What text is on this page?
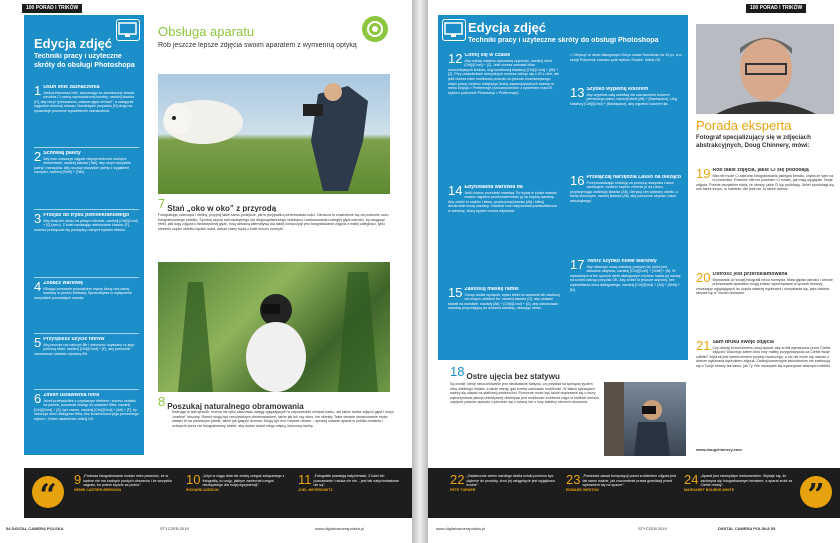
100 PORAD I TRIKÓW
Edycja zdjęć
Techniki pracy i użyteczne skróty do obsługi Photoshopa
1 Usuń linie zaznaczenia
Jeśli przesuwasz linie, wymazując za zaznaczony obszar, utrudnia Ci ocenę wprowadzonej korekty, naciśnij klawisz [H], aby ukryć tymczasowo „maszerujące mrówki”, a następnie wygodnie dokonaj retuszu. Naciśnięcie przycisku [H] drugi raz spowoduje ponowne wyświetlenie zaznaczenia.
2 Schowaj palety
Aby móc zobaczyć zdjęcie niepoprzedzone żadnymi elementami, naciśnij klawisz [Tab], aby ukryć wszystkie palety i narzędzia. Aby usunąć wszystkie palety z wyjątkiem narzędzi, naciśnij [Shift] + [Tab].
3 Przejdź do trybu pełnoekranowego
Aby obejrzeć obraz na pełnym ekranie, naciśnij [Ctrl]/[Cmd] + [0] (zero). Z kolei naciskając wielokrotnie klawisz [F], możesz przełączać się pomiędzy różnymi trybami widoku.
4 Zobacz warstwę
Klikając ponownie przyciskiem myszy ikonę oka danej warstwy w panelu Warstwy, Spowodujesz to wyłączenie wszystkich pozostałych warstw.
5 Przyspiesz użycie filtrów
Aby jeszcze raz nałożyć filtr i wzmocnić uzyskany za jego pomocą efekt, naciśnij [Ctrl]/[Cmd] + [F], aby ponownie zastosować ostatnio używany filtr.
6 Zmień ustawienia filtra
Jeżeli przesadziłeś z uzyskanym efektem i chcesz ustawić na panelu, ponownie dostęp do ustawień filtra, naciśnij [Ctrl]/[Cmd] + [Z], tym razem, naciśnij [Ctrl]/[Cmd] + [Alt] + [F], by otworzyć okno dialogowe filtra, bez konieczności jego ponownego wyboru. Zmień ustawienia i kliknij OK.
Obsługa aparatu
Rób jeszcze lepsze zdjęcia swoim aparatem z wymienną optyką
7 Stań „oko w oko” z przyrodą
Fotografując zwierzęta i rośliny, przyjmij takie samo podejście, jak w przypadku portretowania ludzi. Oznacza to znalezienie się na poziomie oczu fotografowanego obiektu. Spróbuj użycia szerokokątnego lub długoogniskowego obiektywu i zastosowania rozległej głębi ostrości, by osiągnąć efekt, jaki dają zdjęcia o fantastycznej głębi. Inną ciekawą alternatywą dla takiej kompozycji jest fotografowanie zdjęcia z małej odległości, tylko niewiele części obiektu będzie ostra, dalsze plany będą z kolei mocno rozmyte.
8 Poszukaj naturalnego obramowania
Kadrując w taki sposób, można nie tylko skierować uwagę oglądających w odpowiednie miejsce kadru, ale także dodać zdjęciu głębi i ukryć „martwe” obszary. Ramki mogą być rzeczywistym obramowaniem, takim jak łuk czy okno, lub obiekty. Takie otwarte obramowanie może ułatwić te na pierwszym planie, takim jak gałęzie drzewa. Mogą być one również niostre – sprobuj ustawić aparat w pobliżu kwiatów i uchwycić przez nie fotografowany obiekt, aby dodać wokół niego mięką, kolorową ramkę.
“	9 „Podczas fotografowania musisz mieć pewność, że w kadrze nie ma żadnych pustych obszarów i że wszystko zagrało, bo potem będzie za późno”.
HENRI CARTIER-BRESSON
10 „Użyć w ciągu dnia nie zrobię czegoś związanego z fotografią, to czuję, jakbym zaniechał czegoś niezbędnego dla mojej egzystencji”.
RICHARD AVEDON
11 „Fotografie powstają natychmiast. Z kolei ich poznawanie i nauka nie nie... jest tak natychmiastowe nie są”.
JOEL MEYEROWITZ
54 DIGITAL CAMERA POLSKA	STYCZEŃ 2019	www.digitalcamerapolska.pl
100 PORAD I TRIKÓW
Edycja zdjęć
Techniki pracy i użyteczne skróty do obsługi Photoshopa
12 Cofnij się w czasie
Aby cofnąć ostatnio wykonaną czynność, naciśnij skrót [Ctrl]/[Cmd] + [Z]. Jeśli chcesz odwołać kilka wcześniejszych kroków, użyj kombinacji klawiszy [Ctrl]/[Cmd] + [Alt] + [Z]. Przy ustawieniach domyślnych możesz cofnąć się o 20 z nich, ale jeśli chcesz mieć możliwość powrotu do jeszcze wcześniejszego etapu pracy, możesz zwiększyć liczbę zapamiętywanych stanów w menu Edycja > Preferencje (na komputerach z systemem macOS wybierz polecenie Photoshop > Preferencje).
14 Edytowalna warstwa tła
Jeśli chcesz przenieść warstwę Tło wyżej w stosie warstw, musisz najpierw przekonwertować ją na zwykłą warstwę. Aby zrobić to szybko i łatwo, przytrzymaj klawisz [Alt] i kliknij dwukrotnie ikonę warstwy. Zostanie ona natychmiast przekształcona w warstwę, którą będzie można edytować.
15 Zastosuj maskę ramki
Chcąc dodać wycięcie, wpisz tekst na warstwie lub zastosuj na nowym obiekcie tło, naciśnij klawisz [G], aby ustawić kształt na warstwie, naciśnij [Alt] + [Ctrl]/[Cmd] + [G], aby zastosować warstwę przycinającą do dodania warstwy, ukazując obraz.
> Obrysuj i w oknie dialogowym Obrys ustaw Szerokość na 10 px, a w sekcji Położenie zaznacz pole wyboru Środek. Kliknij OK.
13 Szybko wypełnij kolorem
Aby wypełnić całą warstwę lub zaznaczenie kolorem pierwszego planu, naciśnij skrót [Alt] + [Backspace]. Użyj klawiszy [Ctrl]/[Cmd] + [Backspace], aby wypełnić kolorem tła.
16 Przełączaj narzędzia Lasso na bieżąco
Przeprowadzając selekcję za pomocą narzędzia Lasso wielokątne, możesz szybko zmienić je na Lasso, przytrzymując wciśnięty klawisz [Alt]. Obrysuj nim wybrany obiekt, a kiedy skończysz, zwolnij klawisz [Alt], aby ponownie używać Lasso wielokątnego.
17 Twórz szybko nowe warstwy
Aby utworzyć nową warstwę powyżej tej, która jest aktualnie aktywna, naciśnij [Ctrl]/[Cmd] + [Shift] + [N]. W wywołanym w ten sposób oknie dialogowym możesz nadać jej nazwę, na koniec kliknąć przycisk OK. Aby zrobić to jeszcze szybciej, bez wyświetlania okna dialogowego, naciśnij [Ctrl]/[Cmd] + [Alt] + [Shift] + [N].
18 Ostre ujęcia bez statywu
Są chwile, kiedy nieoczekiwanie jest niedziałanie statywu, za przykład na tętniącej życiem ulicy wielkiego miasta, a także wtedy, gdy trzeba zachować mobilność. W takich sytuacjach należy się złapać na stabilnej powierzchni. Pomocne może być także wspieranie się o mury, wykorzystanie jakiejś obiektywnej obiektywu jest możliwość zrobienia zdjęć w krótkich seriach, napięcie pasków aparatu i opieranie się o ścianę lub o inny stabilny element otoczenia.
Porada eksperta
Fotograf specjalizujący się w zdjęciach abstrakcyjnych, Doug Chinnery, mówi:
19 Rób takie zdjęcia, jakie Ci się podobają
Nikt nie może Ci zabronić fotografowania jakiegoś tematu, chyba że sam na to pozwolisz. Również nikt nie powinien Ci mówić, jak mają wyglądać Twoje zdjęcia. Przede wszystkim róbta, że obrazy, jakie Ci się podobają. Jeżeli spodobają się one także innym, to świetnie. Ale jeśli nie, to także dobrze.
20 Ostrość jest przereklamowana
Wprowadź do swojej fotografii nieco rozmycia. Mała głębia ostrości i celowe przesuwanie aparatem mogą zostać wykorzystane w sposób twórczy, zmuszając oglądających do użycia własnej wyobraźni i domyślania się, jaka historia skrywa się w Twoich obrazach.
21 Sam druku swoje zdjęcia
Czy dzisiaj formuł innemu swój aparat, aby zrobił wymarzone przez Ciebie zdjęcia? Dlaczego zatem ktoś inny miałby przygotowywać za Ciebie twoje odbitki? Wydruk jest zwieńczeniem procesu twórczego, a nic nie może się równać z dobrze wykonaną wydrukiem zdjęcia. Zadbaj komercyjne laboratorium nie zastosują się o Twoje obrazy tak samo, jak Ty. Nie nauczyłeś się wykonywać własnych odbitek.
www.dougchinnery.com
22 „Ostatecznie celem każdego dzieła sztuki powinno być dążenie do prostoty, choć jej osiągnięcie jest wyjątkowo trudne”.
PETE TURNER
23 „Ponieważ zasad kompozycji przed zrobieniem zdjęcia jest tak samo ważne, jak zrozumienie prawa grawitacji przed wybraniem się na spacer”.
EDWARD WESTON
24 „Aparat jest niezwykłym instrumentem. Wydaje się, że zachwyca się fotografowanym tematem, a aparat zrobi za Ciebie resztę”.
MARGARET BOURKE-WHITE	”
www.digitalcamerapolska.pl	STYCZEŃ 2019	DIGITAL CAMERA POLSKA 55
